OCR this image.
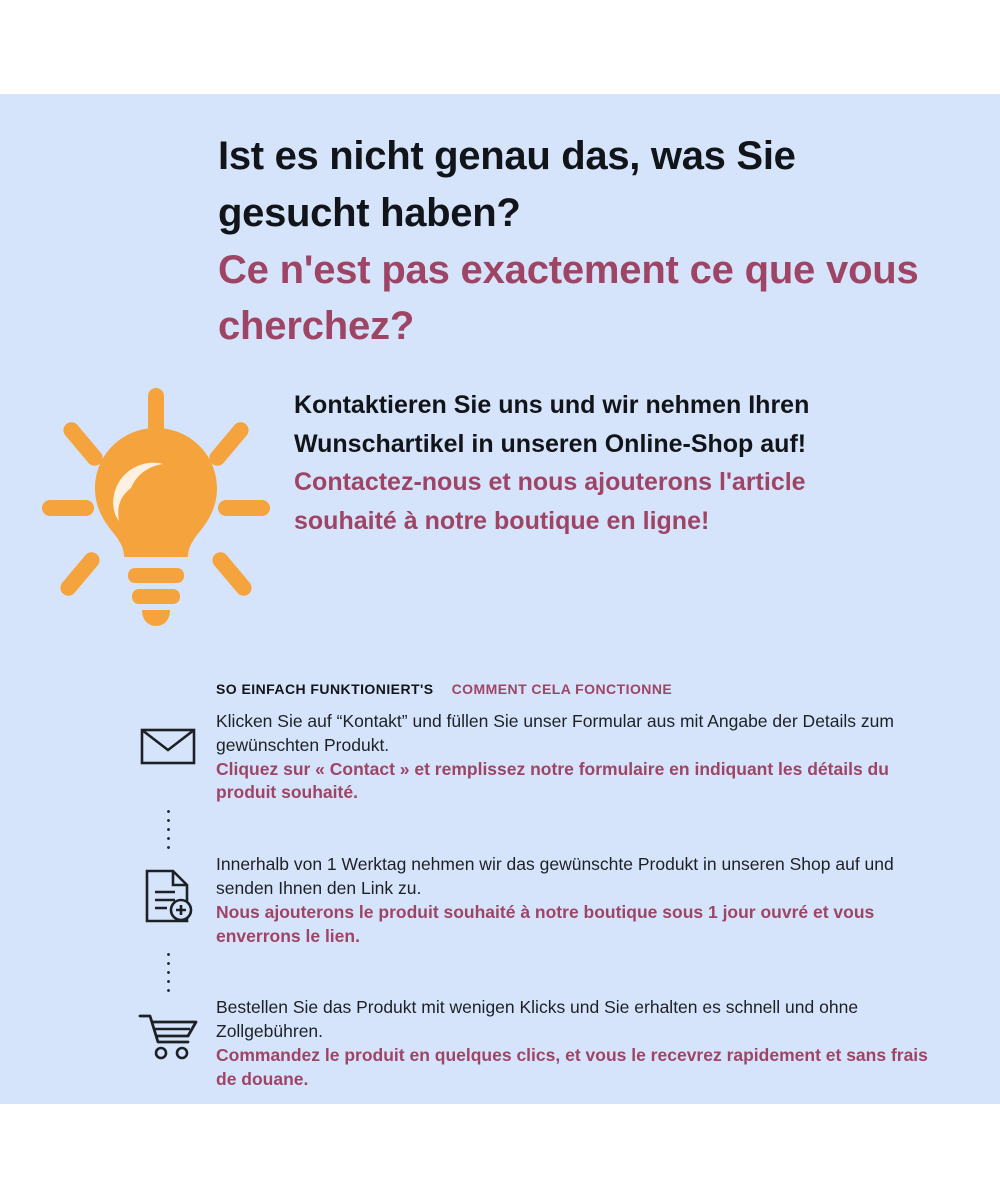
Ist es nicht genau das, was Sie gesucht haben?
Ce n'est pas exactement ce que vous cherchez?
Kontaktieren Sie uns und wir nehmen Ihren Wunschartikel in unseren Online-Shop auf!
Contactez-nous et nous ajouterons l'article souhaité à notre boutique en ligne!
SO EINFACH FUNKTIONIERT'S COMMENT CELA FONCTIONNE
Klicken Sie auf “Kontakt” und füllen Sie unser Formular aus mit Angabe der Details zum gewünschten Produkt.
Cliquez sur « Contact » et remplissez notre formulaire en indiquant les détails du produit souhaité.
Innerhalb von 1 Werktag nehmen wir das gewünschte Produkt in unseren Shop auf und senden Ihnen den Link zu.
Nous ajouterons le produit souhaité à notre boutique sous 1 jour ouvré et vous enverrons le lien.
Bestellen Sie das Produkt mit wenigen Klicks und Sie erhalten es schnell und ohne Zollgebühren.
Commandez le produit en quelques clics, et vous le recevrez rapidement et sans frais de douane.
